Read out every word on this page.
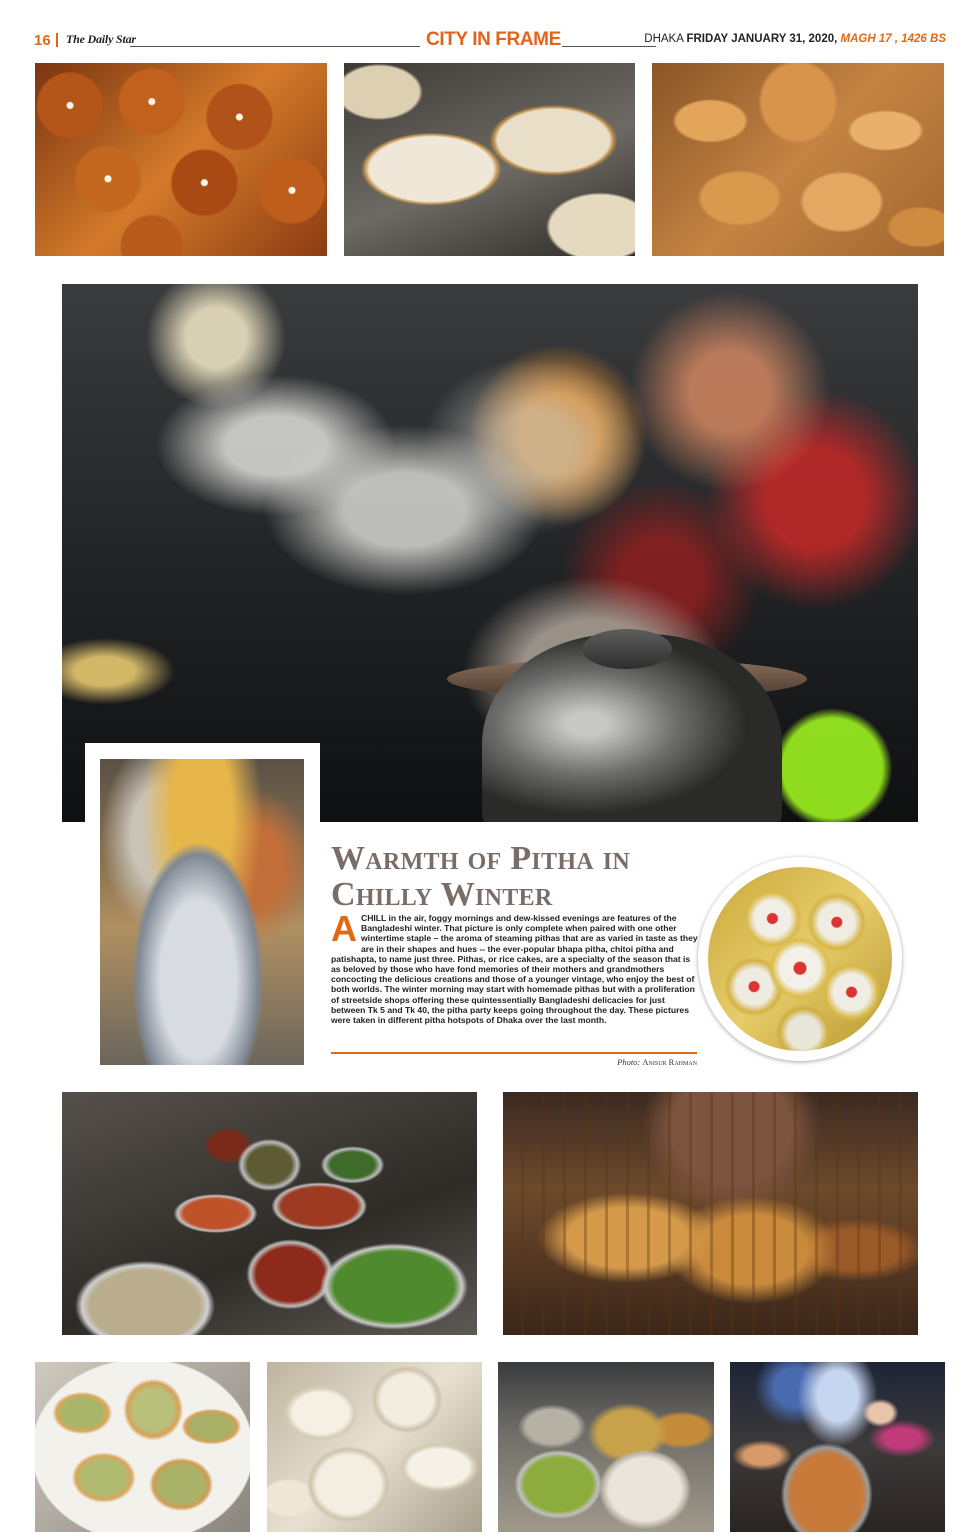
16 The Daily Star	CITY IN FRAME	DHAKA FRIDAY JANUARY 31, 2020, MAGH 17 , 1426 BS
Warmth of Pitha in
Chilly Winter
ACHILL in the air, foggy mornings and dew-kissed evenings are features of the Bangladeshi winter. That picture is only complete when paired with one other wintertime staple – the aroma of steaming pithas that are as varied in taste as they are in their shapes and hues -- the ever-popular bhapa pitha, chitoi pitha and patishapta, to name just three. Pithas, or rice cakes, are a specialty of the season that is as beloved by those who have fond memories of their mothers and grandmothers concocting the delicious creations and those of a younger vintage, who enjoy the best of both worlds. The winter morning may start with homemade pithas but with a proliferation of streetside shops offering these quintessentially Bangladeshi delicacies for just between Tk 5 and Tk 40, the pitha party keeps going throughout the day. These pictures were taken in different pitha hotspots of Dhaka over the last month.
Photo: Anisur Rahman
